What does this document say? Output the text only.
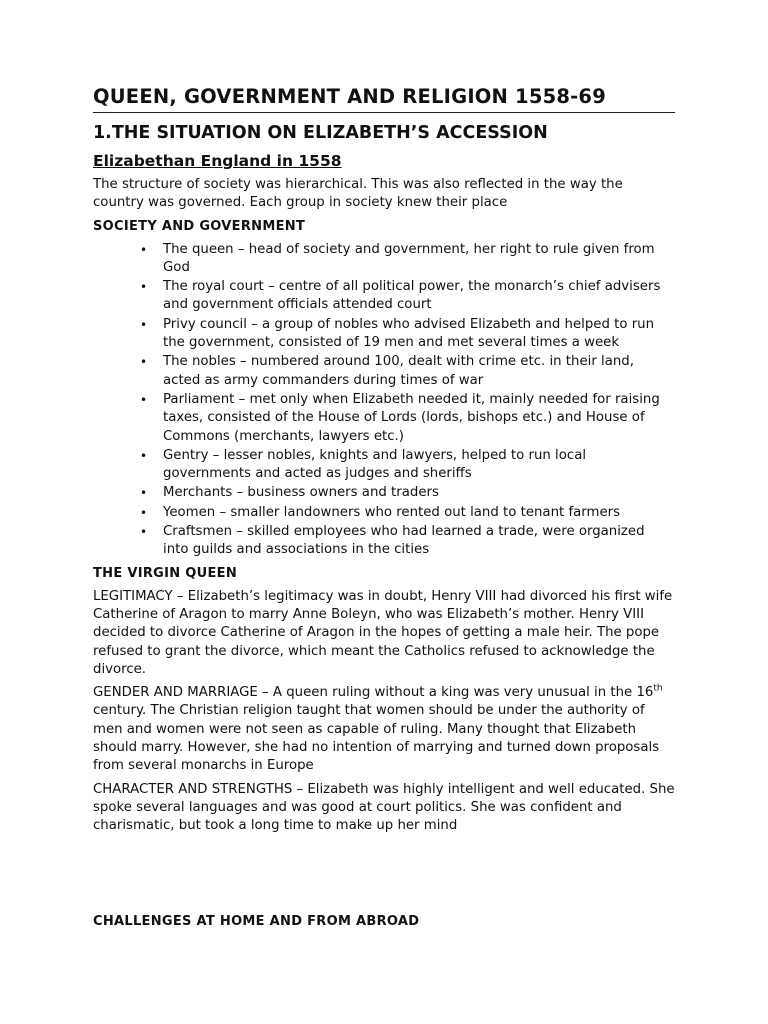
QUEEN, GOVERNMENT AND RELIGION 1558-69
1.THE SITUATION ON ELIZABETH’S ACCESSION
Elizabethan England in 1558

The structure of society was hierarchical. This was also reflected in the way the country was governed. Each group in society knew their place

SOCIETY AND GOVERNMENT
• The queen – head of society and government, her right to rule given from God
• The royal court – centre of all political power, the monarch’s chief advisers and government officials attended court
• Privy council – a group of nobles who advised Elizabeth and helped to run the government, consisted of 19 men and met several times a week
• The nobles – numbered around 100, dealt with crime etc. in their land, acted as army commanders during times of war
• Parliament – met only when Elizabeth needed it, mainly needed for raising taxes, consisted of the House of Lords (lords, bishops etc.) and House of Commons (merchants, lawyers etc.)
• Gentry – lesser nobles, knights and lawyers, helped to run local governments and acted as judges and sheriffs
• Merchants – business owners and traders
• Yeomen – smaller landowners who rented out land to tenant farmers
• Craftsmen – skilled employees who had learned a trade, were organized into guilds and associations in the cities
THE VIRGIN QUEEN

LEGITIMACY – Elizabeth’s legitimacy was in doubt, Henry VIII had divorced his first wife Catherine of Aragon to marry Anne Boleyn, who was Elizabeth’s mother. Henry VIII decided to divorce Catherine of Aragon in the hopes of getting a male heir. The pope refused to grant the divorce, which meant the Catholics refused to acknowledge the divorce.

GENDER AND MARRIAGE – A queen ruling without a king was very unusual in the 16th century. The Christian religion taught that women should be under the authority of men and women were not seen as capable of ruling. Many thought that Elizabeth should marry. However, she had no intention of marrying and turned down proposals from several monarchs in Europe

CHARACTER AND STRENGTHS – Elizabeth was highly intelligent and well educated. She spoke several languages and was good at court politics. She was confident and charismatic, but took a long time to make up her mind

CHALLENGES AT HOME AND FROM ABROAD
